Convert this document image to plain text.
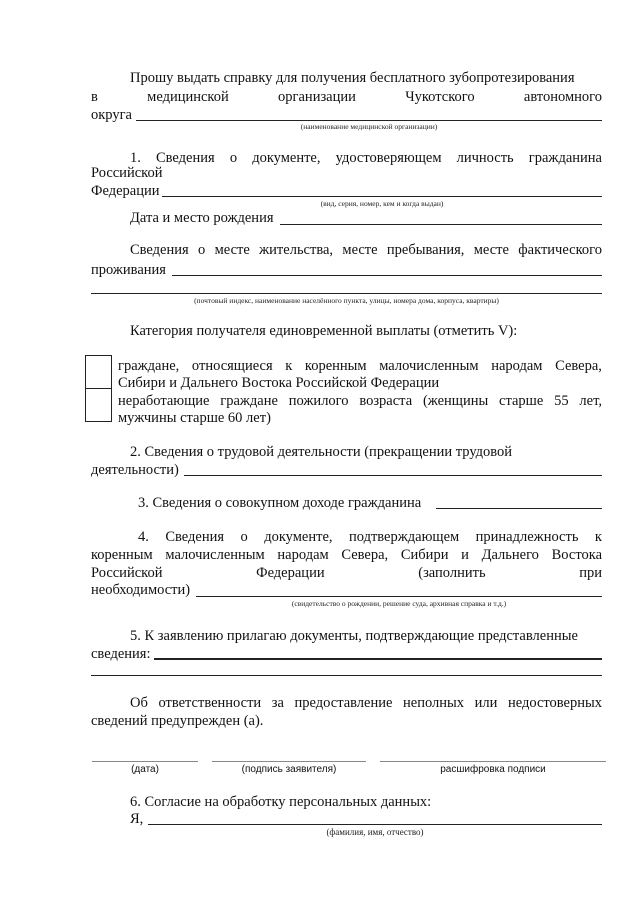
Прошу выдать справку для получения бесплатного зубопротезирования
в	медицинской	организации	Чукотского	автономного
округа
(наименование медицинской организации)
1. Сведения о документе, удостоверяющем личность гражданина
Российской
Федерации
(вид, серия, номер, кем и когда выдан)
Дата и место рождения
Сведения о месте жительства, месте пребывания, месте фактического
проживания
(почтовый индекс, наименование населённого пункта, улицы, номера дома, корпуса, квартиры)
Категория получателя единовременной выплаты (отметить V):
граждане, относящиеся к коренным малочисленным народам Севера,
Сибири и Дальнего Востока Российской Федерации
неработающие граждане пожилого возраста (женщины старше 55 лет,
мужчины старше 60 лет)
2. Сведения о трудовой деятельности (прекращении трудовой
деятельности)
3. Сведения о совокупном доходе гражданина
4. Сведения о документе, подтверждающем принадлежность к
коренным малочисленным народам Севера, Сибири и Дальнего Востока
Российской	Федерации	(заполнить	при
необходимости)
(свидетельство о рождении, решение суда, архивная справка и т.д.)
5. К заявлению прилагаю документы, подтверждающие представленные
сведения:
Об ответственности за предоставление неполных или недостоверных
сведений предупрежден (а).
(дата)	(подпись заявителя)	расшифровка подписи
6. Согласие на обработку персональных данных:
Я,
(фамилия, имя, отчество)
